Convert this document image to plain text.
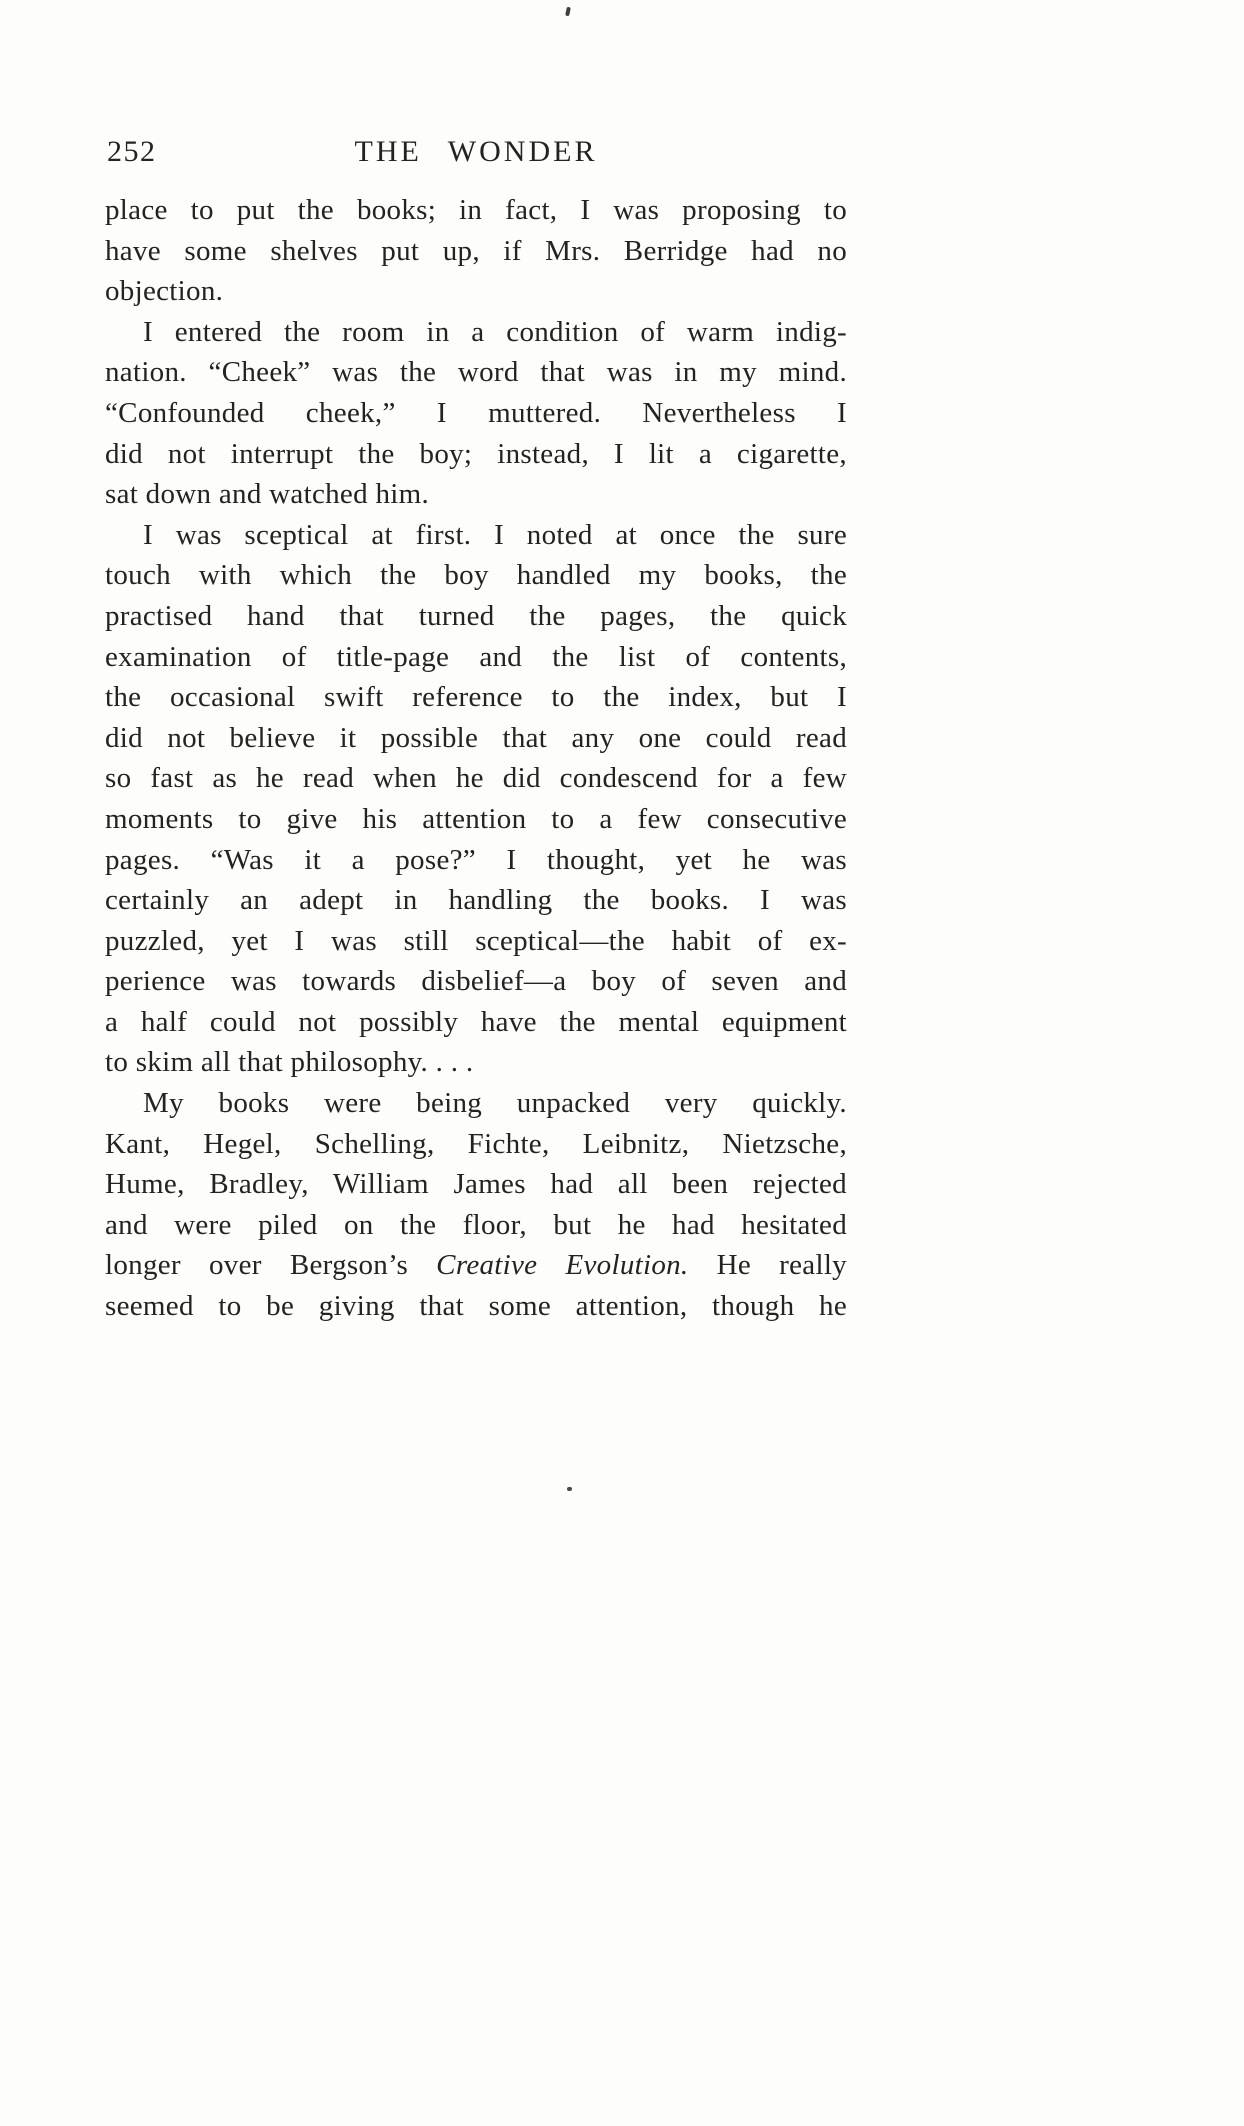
252	THE WONDER
place to put the books; in fact, I was proposing to
have some shelves put up, if Mrs. Berridge had no
objection.
I entered the room in a condition of warm indig-
nation. “Cheek” was the word that was in my mind.
“Confounded cheek,” I muttered. Nevertheless I
did not interrupt the boy; instead, I lit a cigarette,
sat down and watched him.
I was sceptical at first. I noted at once the sure
touch with which the boy handled my books, the
practised hand that turned the pages, the quick
examination of title-page and the list of contents,
the occasional swift reference to the index, but I
did not believe it possible that any one could read
so fast as he read when he did condescend for a few
moments to give his attention to a few consecutive
pages. “Was it a pose?” I thought, yet he was
certainly an adept in handling the books. I was
puzzled, yet I was still sceptical—the habit of ex-
perience was towards disbelief—a boy of seven and
a half could not possibly have the mental equipment
to skim all that philosophy. . . .
My books were being unpacked very quickly.
Kant, Hegel, Schelling, Fichte, Leibnitz, Nietzsche,
Hume, Bradley, William James had all been rejected
and were piled on the floor, but he had hesitated
longer over Bergson’s Creative Evolution. He really
seemed to be giving that some attention, though he
